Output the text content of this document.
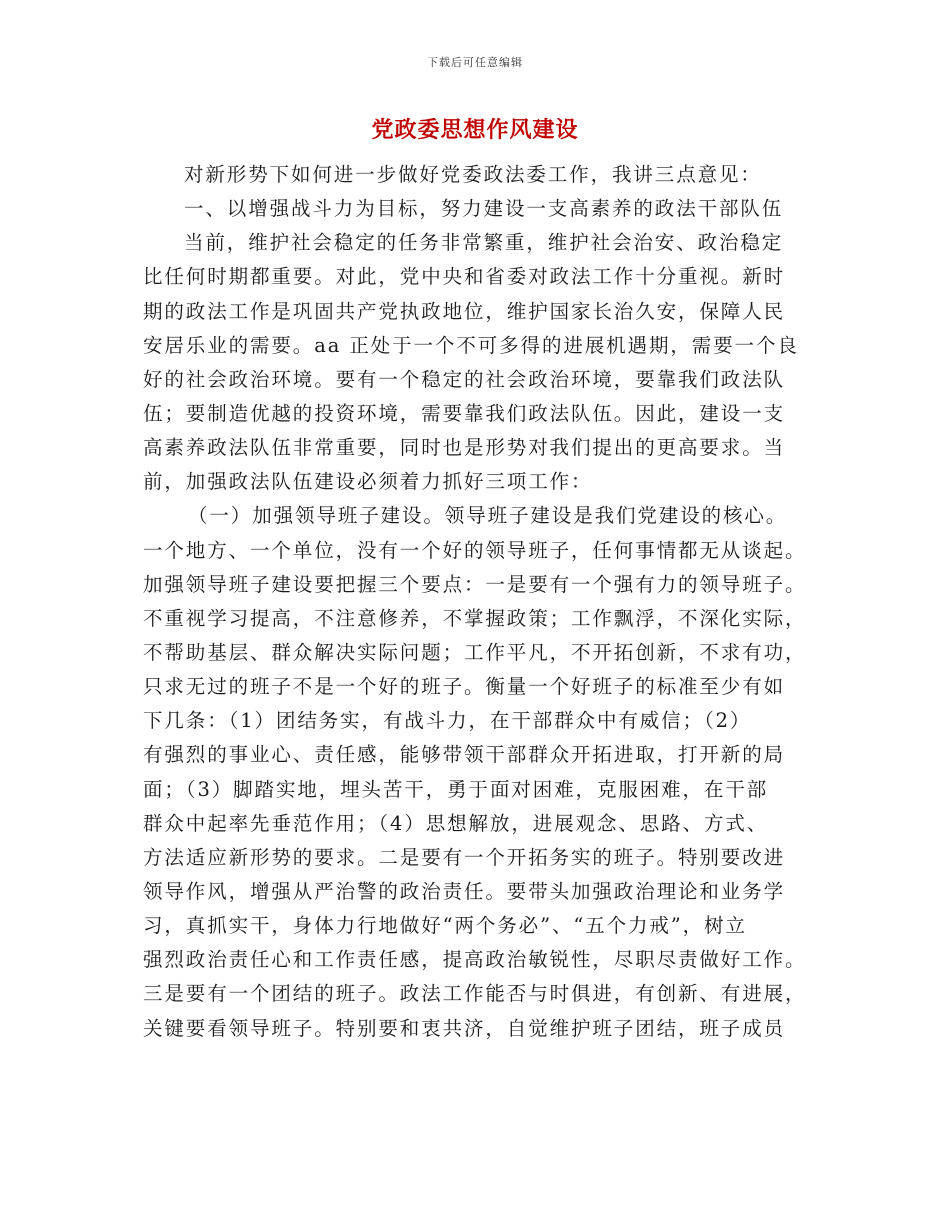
下载后可任意编辑
党政委思想作风建设
对新形势下如何进一步做好党委政法委工作，我讲三点意见：
一、以增强战斗力为目标，努力建设一支高素养的政法干部队伍
当前，维护社会稳定的任务非常繁重，维护社会治安、政治稳定
比任何时期都重要。对此，党中央和省委对政法工作十分重视。新时
期的政法工作是巩固共产党执政地位，维护国家长治久安，保障人民
安居乐业的需要。aa 正处于一个不可多得的进展机遇期，需要一个良
好的社会政治环境。要有一个稳定的社会政治环境，要靠我们政法队
伍；要制造优越的投资环境，需要靠我们政法队伍。因此，建设一支
高素养政法队伍非常重要，同时也是形势对我们提出的更高要求。当
前，加强政法队伍建设必须着力抓好三项工作：
（一）加强领导班子建设。领导班子建设是我们党建设的核心。
一个地方、一个单位，没有一个好的领导班子，任何事情都无从谈起。
加强领导班子建设要把握三个要点：一是要有一个强有力的领导班子。
不重视学习提高，不注意修养，不掌握政策；工作飘浮，不深化实际，
不帮助基层、群众解决实际问题；工作平凡，不开拓创新，不求有功，
只求无过的班子不是一个好的班子。衡量一个好班子的标准至少有如
下几条：（1）团结务实，有战斗力，在干部群众中有威信；（2）
有强烈的事业心、责任感，能够带领干部群众开拓进取，打开新的局
面；（3）脚踏实地，埋头苦干，勇于面对困难，克服困难，在干部
群众中起率先垂范作用；（4）思想解放，进展观念、思路、方式、
方法适应新形势的要求。二是要有一个开拓务实的班子。特别要改进
领导作风，增强从严治警的政治责任。要带头加强政治理论和业务学
习，真抓实干，身体力行地做好“两个务必”、“五个力戒”，树立
强烈政治责任心和工作责任感，提高政治敏锐性，尽职尽责做好工作。
三是要有一个团结的班子。政法工作能否与时俱进，有创新、有进展，
关键要看领导班子。特别要和衷共济，自觉维护班子团结，班子成员
